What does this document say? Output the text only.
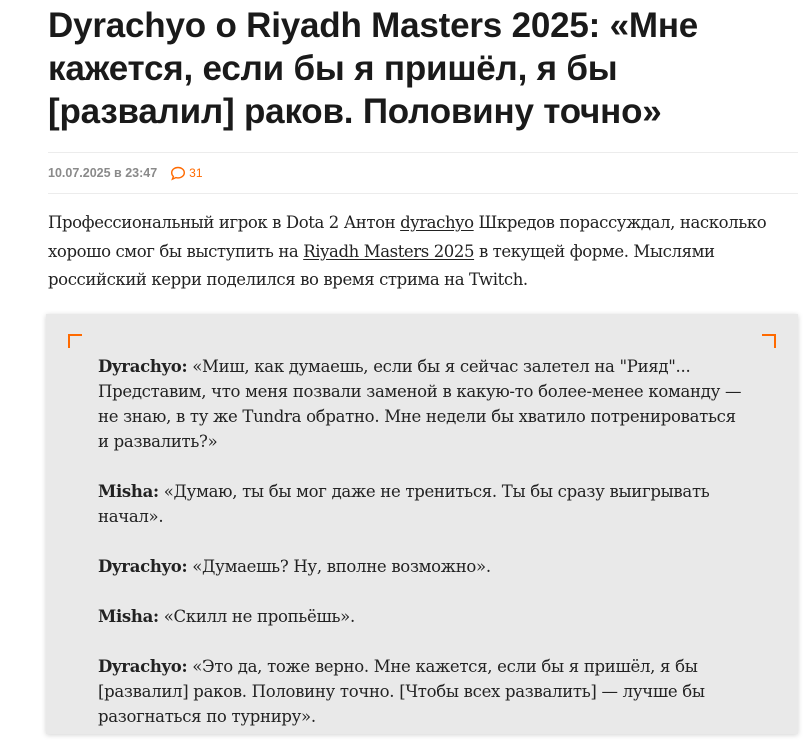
Dyrachyo о Riyadh Masters 2025: «Мне кажется, если бы я пришёл, я бы [развалил] раков. Половину точно»
10.07.2025 в 23:47	31
Профессиональный игрок в Dota 2 Антон dyrachyo Шкредов порассуждал, насколько хорошо смог бы выступить на Riyadh Masters 2025 в текущей форме. Мыслями российский керри поделился во время стрима на Twitch.

Dyrachyo: «Миш, как думаешь, если бы я сейчас залетел на "Рияд"... Представим, что меня позвали заменой в какую-то более-менее команду — не знаю, в ту же Tundra обратно. Мне недели бы хватило потренироваться и развалить?»

Misha: «Думаю, ты бы мог даже не трениться. Ты бы сразу выигрывать начал».

Dyrachyo: «Думаешь? Ну, вполне возможно».

Misha: «Скилл не пропьёшь».

Dyrachyo: «Это да, тоже верно. Мне кажется, если бы я пришёл, я бы [развалил] раков. Половину точно. [Чтобы всех развалить] — лучше бы разогнаться по турниру».
